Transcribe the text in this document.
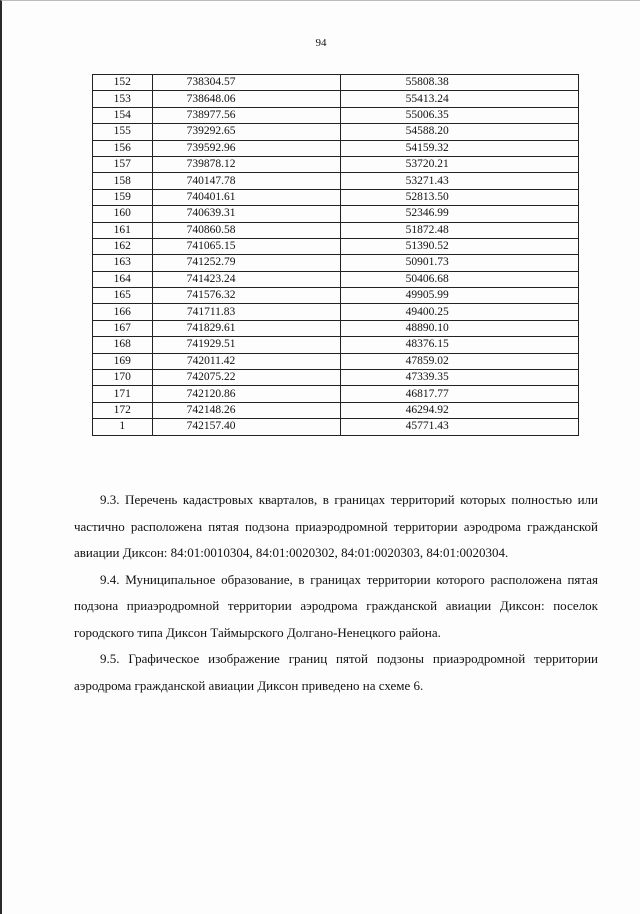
94
152	738304.57	55808.38
153	738648.06	55413.24
154	738977.56	55006.35
155	739292.65	54588.20
156	739592.96	54159.32
157	739878.12	53720.21
158	740147.78	53271.43
159	740401.61	52813.50
160	740639.31	52346.99
161	740860.58	51872.48
162	741065.15	51390.52
163	741252.79	50901.73
164	741423.24	50406.68
165	741576.32	49905.99
166	741711.83	49400.25
167	741829.61	48890.10
168	741929.51	48376.15
169	742011.42	47859.02
170	742075.22	47339.35
171	742120.86	46817.77
172	742148.26	46294.92
1	742157.40	45771.43

9.3. Перечень кадастровых кварталов, в границах территорий которых полностью или частично расположена пятая подзона приаэродромной территории аэродрома гражданской авиации Диксон: 84:01:0010304, 84:01:0020302, 84:01:0020303, 84:01:0020304.

9.4. Муниципальное образование, в границах территории которого расположена пятая подзона приаэродромной территории аэродрома гражданской авиации Диксон: поселок городского типа Диксон Таймырского Долгано-Ненецкого района.

9.5. Графическое изображение границ пятой подзоны приаэродромной территории аэродрома гражданской авиации Диксон приведено на схеме 6.
